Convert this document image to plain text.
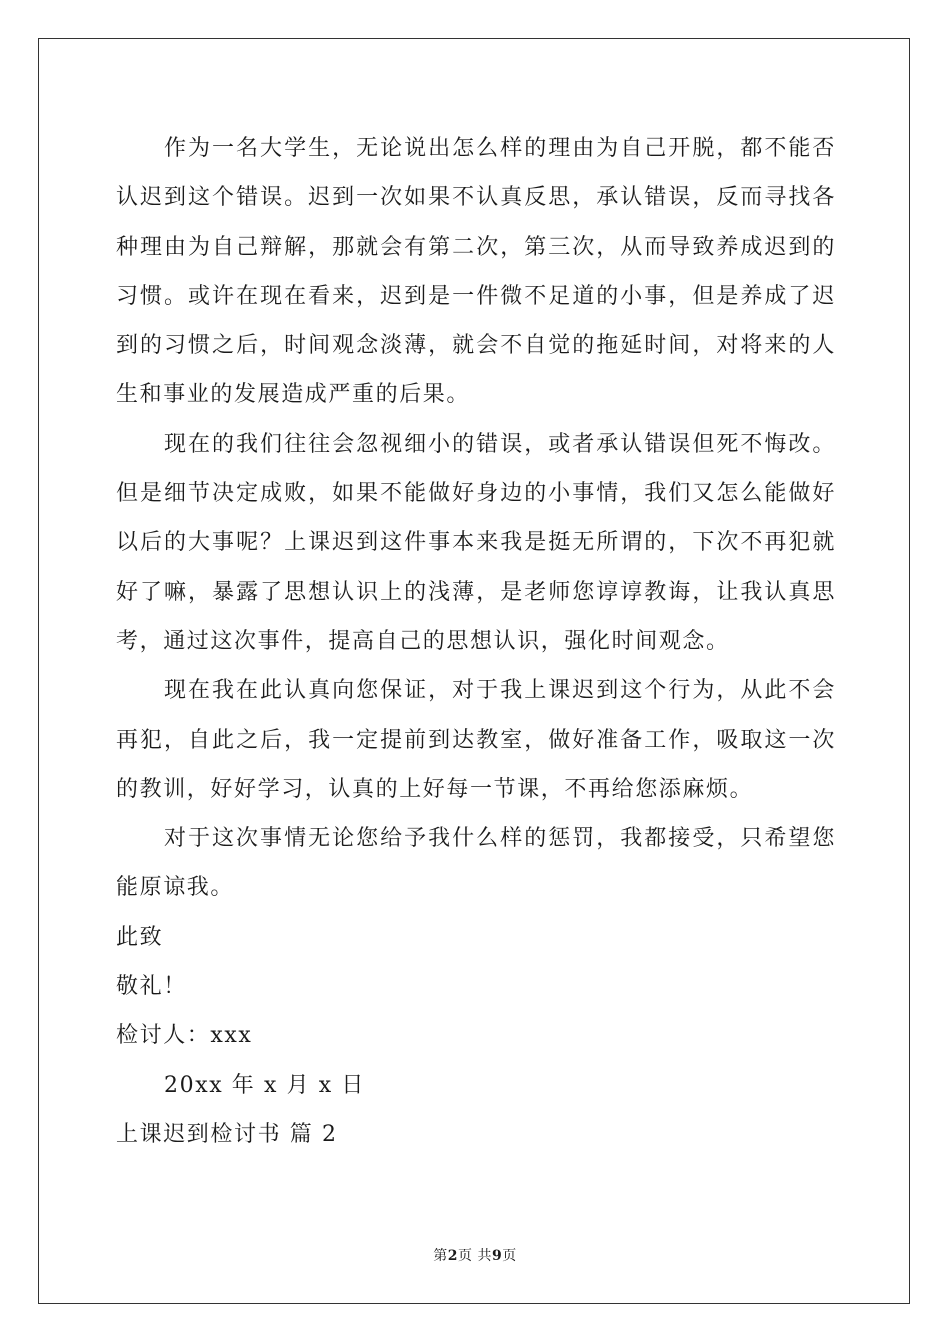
作为一名大学生，无论说出怎么样的理由为自己开脱，都不能否认迟到这个错误。迟到一次如果不认真反思，承认错误，反而寻找各种理由为自己辩解，那就会有第二次，第三次，从而导致养成迟到的习惯。或许在现在看来，迟到是一件微不足道的小事，但是养成了迟到的习惯之后，时间观念淡薄，就会不自觉的拖延时间，对将来的人生和事业的发展造成严重的后果。

现在的我们往往会忽视细小的错误，或者承认错误但死不悔改。但是细节决定成败，如果不能做好身边的小事情，我们又怎么能做好以后的大事呢？上课迟到这件事本来我是挺无所谓的，下次不再犯就好了嘛，暴露了思想认识上的浅薄，是老师您谆谆教诲，让我认真思考，通过这次事件，提高自己的思想认识，强化时间观念。

现在我在此认真向您保证，对于我上课迟到这个行为，从此不会再犯，自此之后，我一定提前到达教室，做好准备工作，吸取这一次的教训，好好学习，认真的上好每一节课，不再给您添麻烦。

对于这次事情无论您给予我什么样的惩罚，我都接受，只希望您能原谅我。

此致

敬礼！

检讨人：xxx

20xx 年 x 月 x 日

上课迟到检讨书 篇 2

第2页 共9页
